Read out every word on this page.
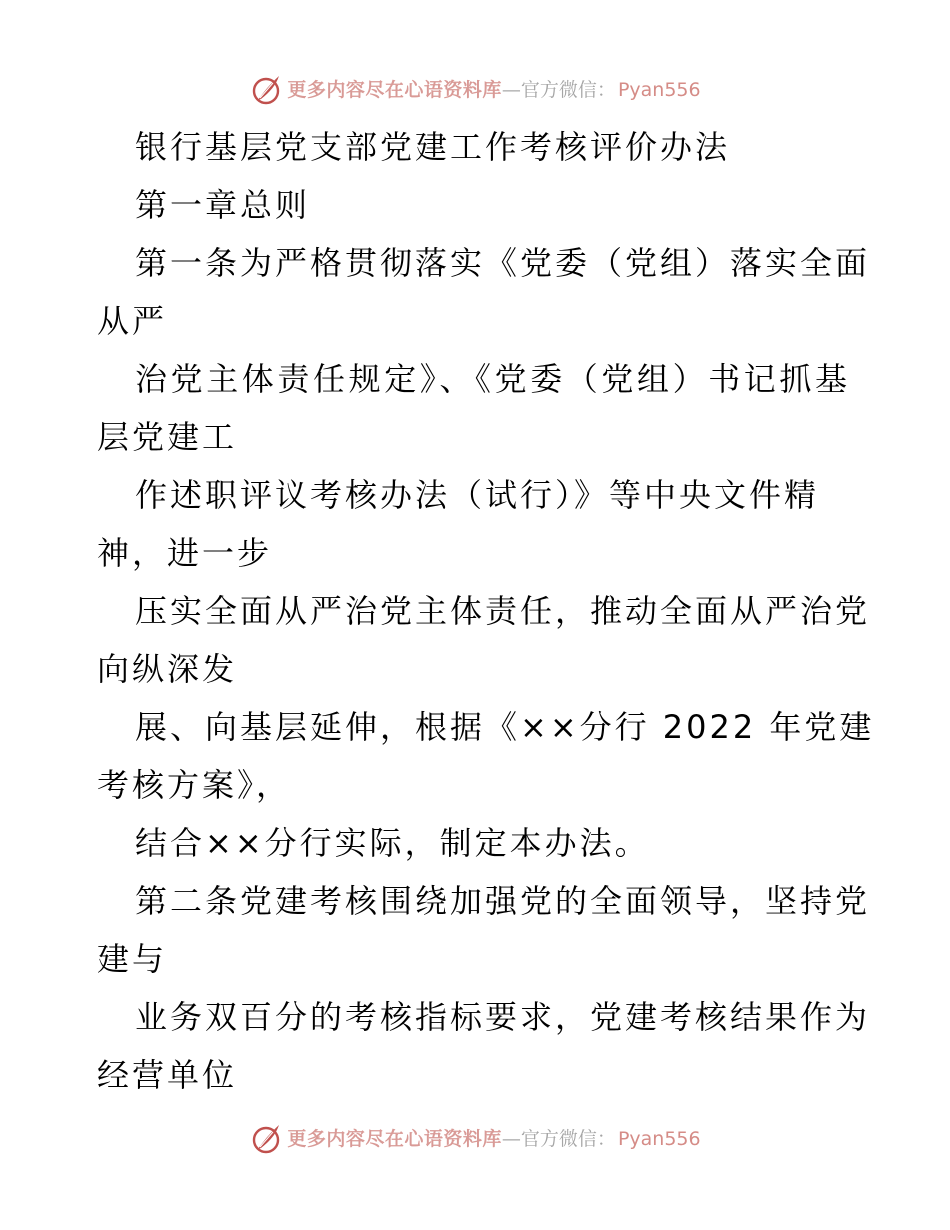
更多内容尽在心语资料库 — 官方微信： Pyan556
银行基层党支部党建工作考核评价办法
第一章总则
第一条为严格贯彻落实《党委（党组）落实全面
从严
治党主体责任规定》、《党委（党组）书记抓基
层党建工
作述职评议考核办法（试行）》等中央文件精
神，进一步
压实全面从严治党主体责任，推动全面从严治党
向纵深发
展、向基层延伸，根据《××分行 2022 年党建
考核方案》，
结合××分行实际，制定本办法。
第二条党建考核围绕加强党的全面领导，坚持党
建与
业务双百分的考核指标要求，党建考核结果作为
经营单位
更多内容尽在心语资料库 — 官方微信： Pyan556
